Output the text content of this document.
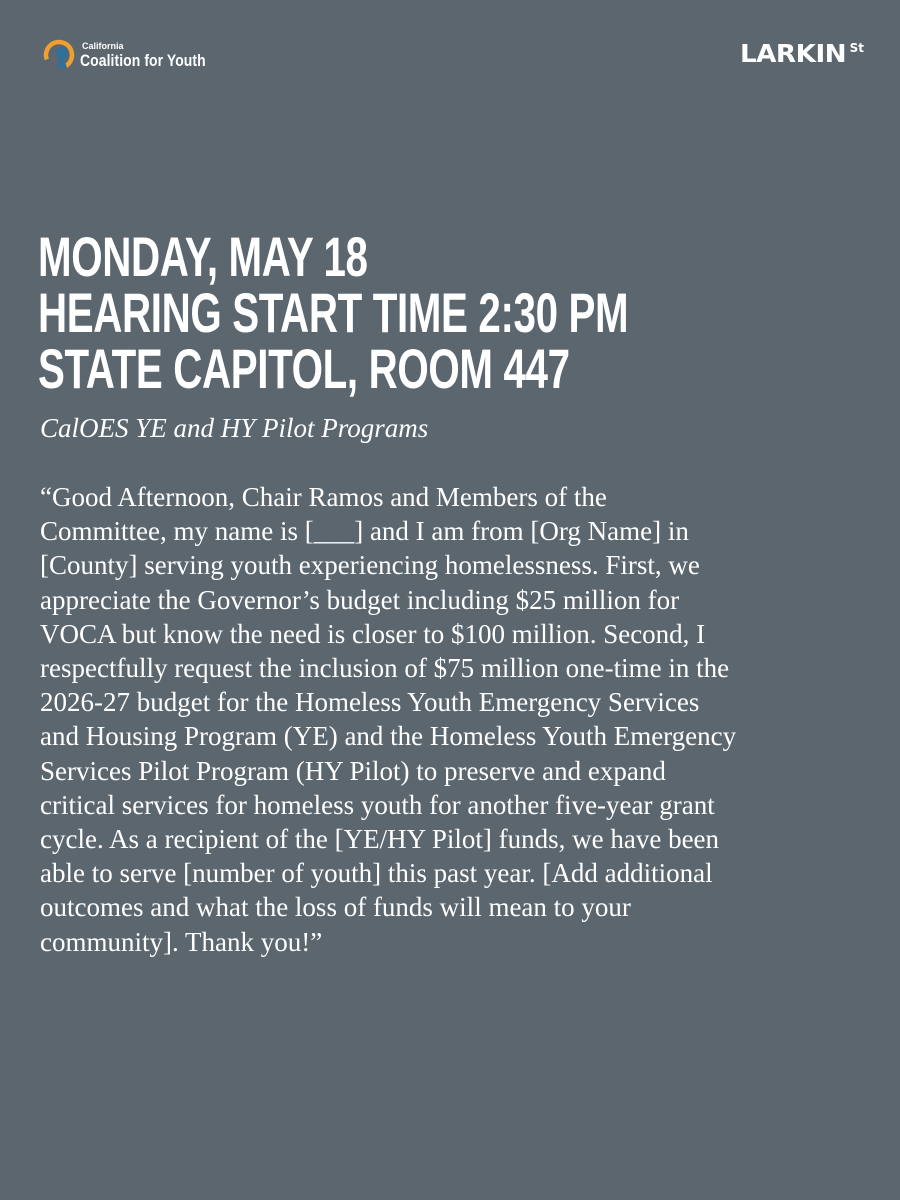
California
Coalition for Youth	LARKIN St
MONDAY, MAY 18
HEARING START TIME 2:30 PM
STATE CAPITOL, ROOM 447
CalOES YE and HY Pilot Programs
“Good Afternoon, Chair Ramos and Members of the Committee, my name is [___] and I am from [Org Name] in [County] serving youth experiencing homelessness. First, we appreciate the Governor’s budget including $25 million for VOCA but know the need is closer to $100 million. Second, I respectfully request the inclusion of $75 million one-time in the 2026-27 budget for the Homeless Youth Emergency Services and Housing Program (YE) and the Homeless Youth Emergency Services Pilot Program (HY Pilot) to preserve and expand critical services for homeless youth for another five-year grant cycle. As a recipient of the [YE/HY Pilot] funds, we have been able to serve [number of youth] this past year. [Add additional outcomes and what the loss of funds will mean to your community]. Thank you!”
